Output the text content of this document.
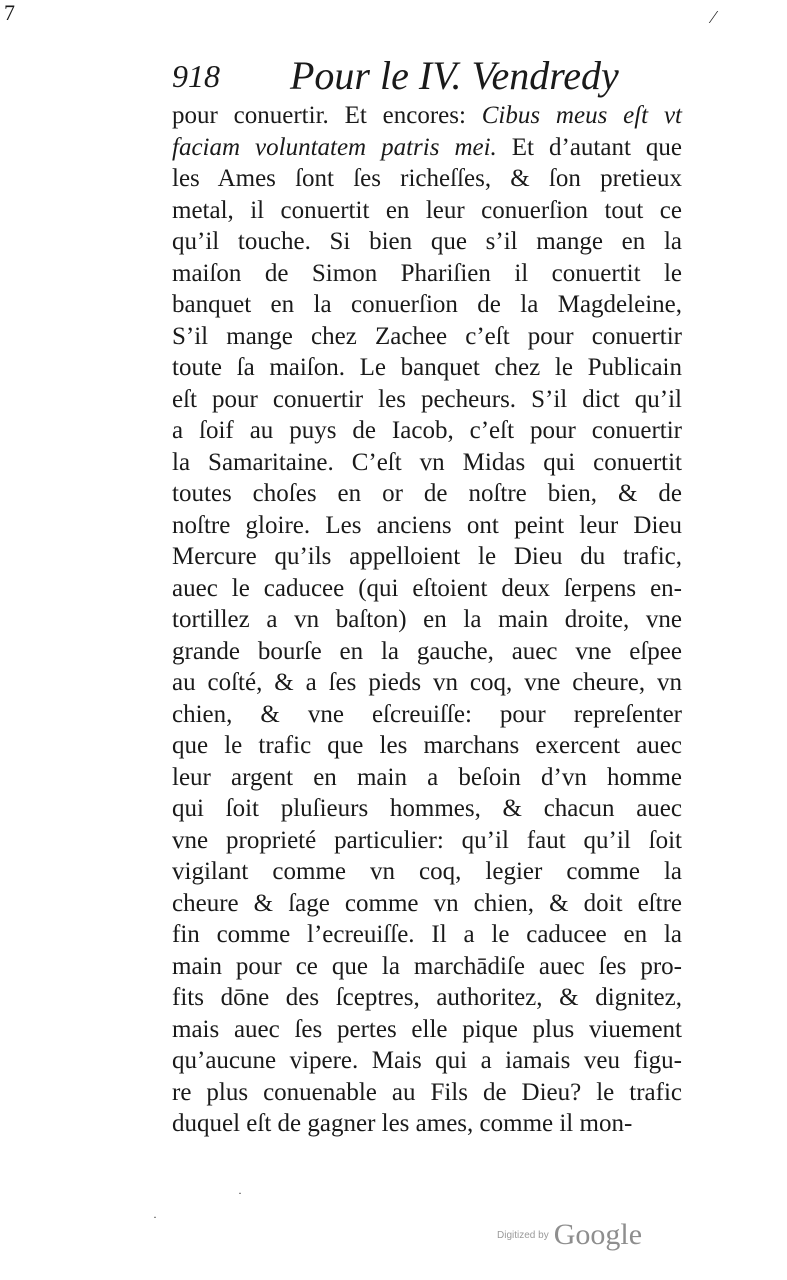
7	⁄
918 Pour le IV. Vendredy
pour conuertir. Et encores: Cibus meus eſt vt
faciam voluntatem patris mei. Et d’autant que
les Ames ſont ſes richeſſes, & ſon pretieux
metal, il conuertit en leur conuerſion tout ce
qu’il touche. Si bien que s’il mange en la
maiſon de Simon Phariſien il conuertit le
banquet en la conuerſion de la Magdeleine,
S’il mange chez Zachee c’eſt pour conuertir
toute ſa maiſon. Le banquet chez le Publicain
eſt pour conuertir les pecheurs. S’il dict qu’il
a ſoif au puys de Iacob, c’eſt pour conuertir
la Samaritaine. C’eſt vn Midas qui conuertit
toutes choſes en or de noſtre bien, & de
noſtre gloire. Les anciens ont peint leur Dieu
Mercure qu’ils appelloient le Dieu du trafic,
auec le caducee (qui eſtoient deux ſerpens en-
tortillez a vn baſton) en la main droite, vne
grande bourſe en la gauche, auec vne eſpee
au coſté, & a ſes pieds vn coq, vne cheure, vn
chien, & vne eſcreuiſſe: pour repreſenter
que le trafic que les marchans exercent auec
leur argent en main a beſoin d’vn homme
qui ſoit pluſieurs hommes, & chacun auec
vne proprieté particulier: qu’il faut qu’il ſoit
vigilant comme vn coq, legier comme la
cheure & ſage comme vn chien, & doit eſtre
fin comme l’ecreuiſſe. Il a le caducee en la
main pour ce que la marchādiſe auec ſes pro-
fits dōne des ſceptres, authoritez, & dignitez,
mais auec ſes pertes elle pique plus viuement
qu’aucune vipere. Mais qui a iamais veu figu-
re plus conuenable au Fils de Dieu? le trafic
duquel eſt de gagner les ames, comme il mon-
·
·
Digitized by Google
